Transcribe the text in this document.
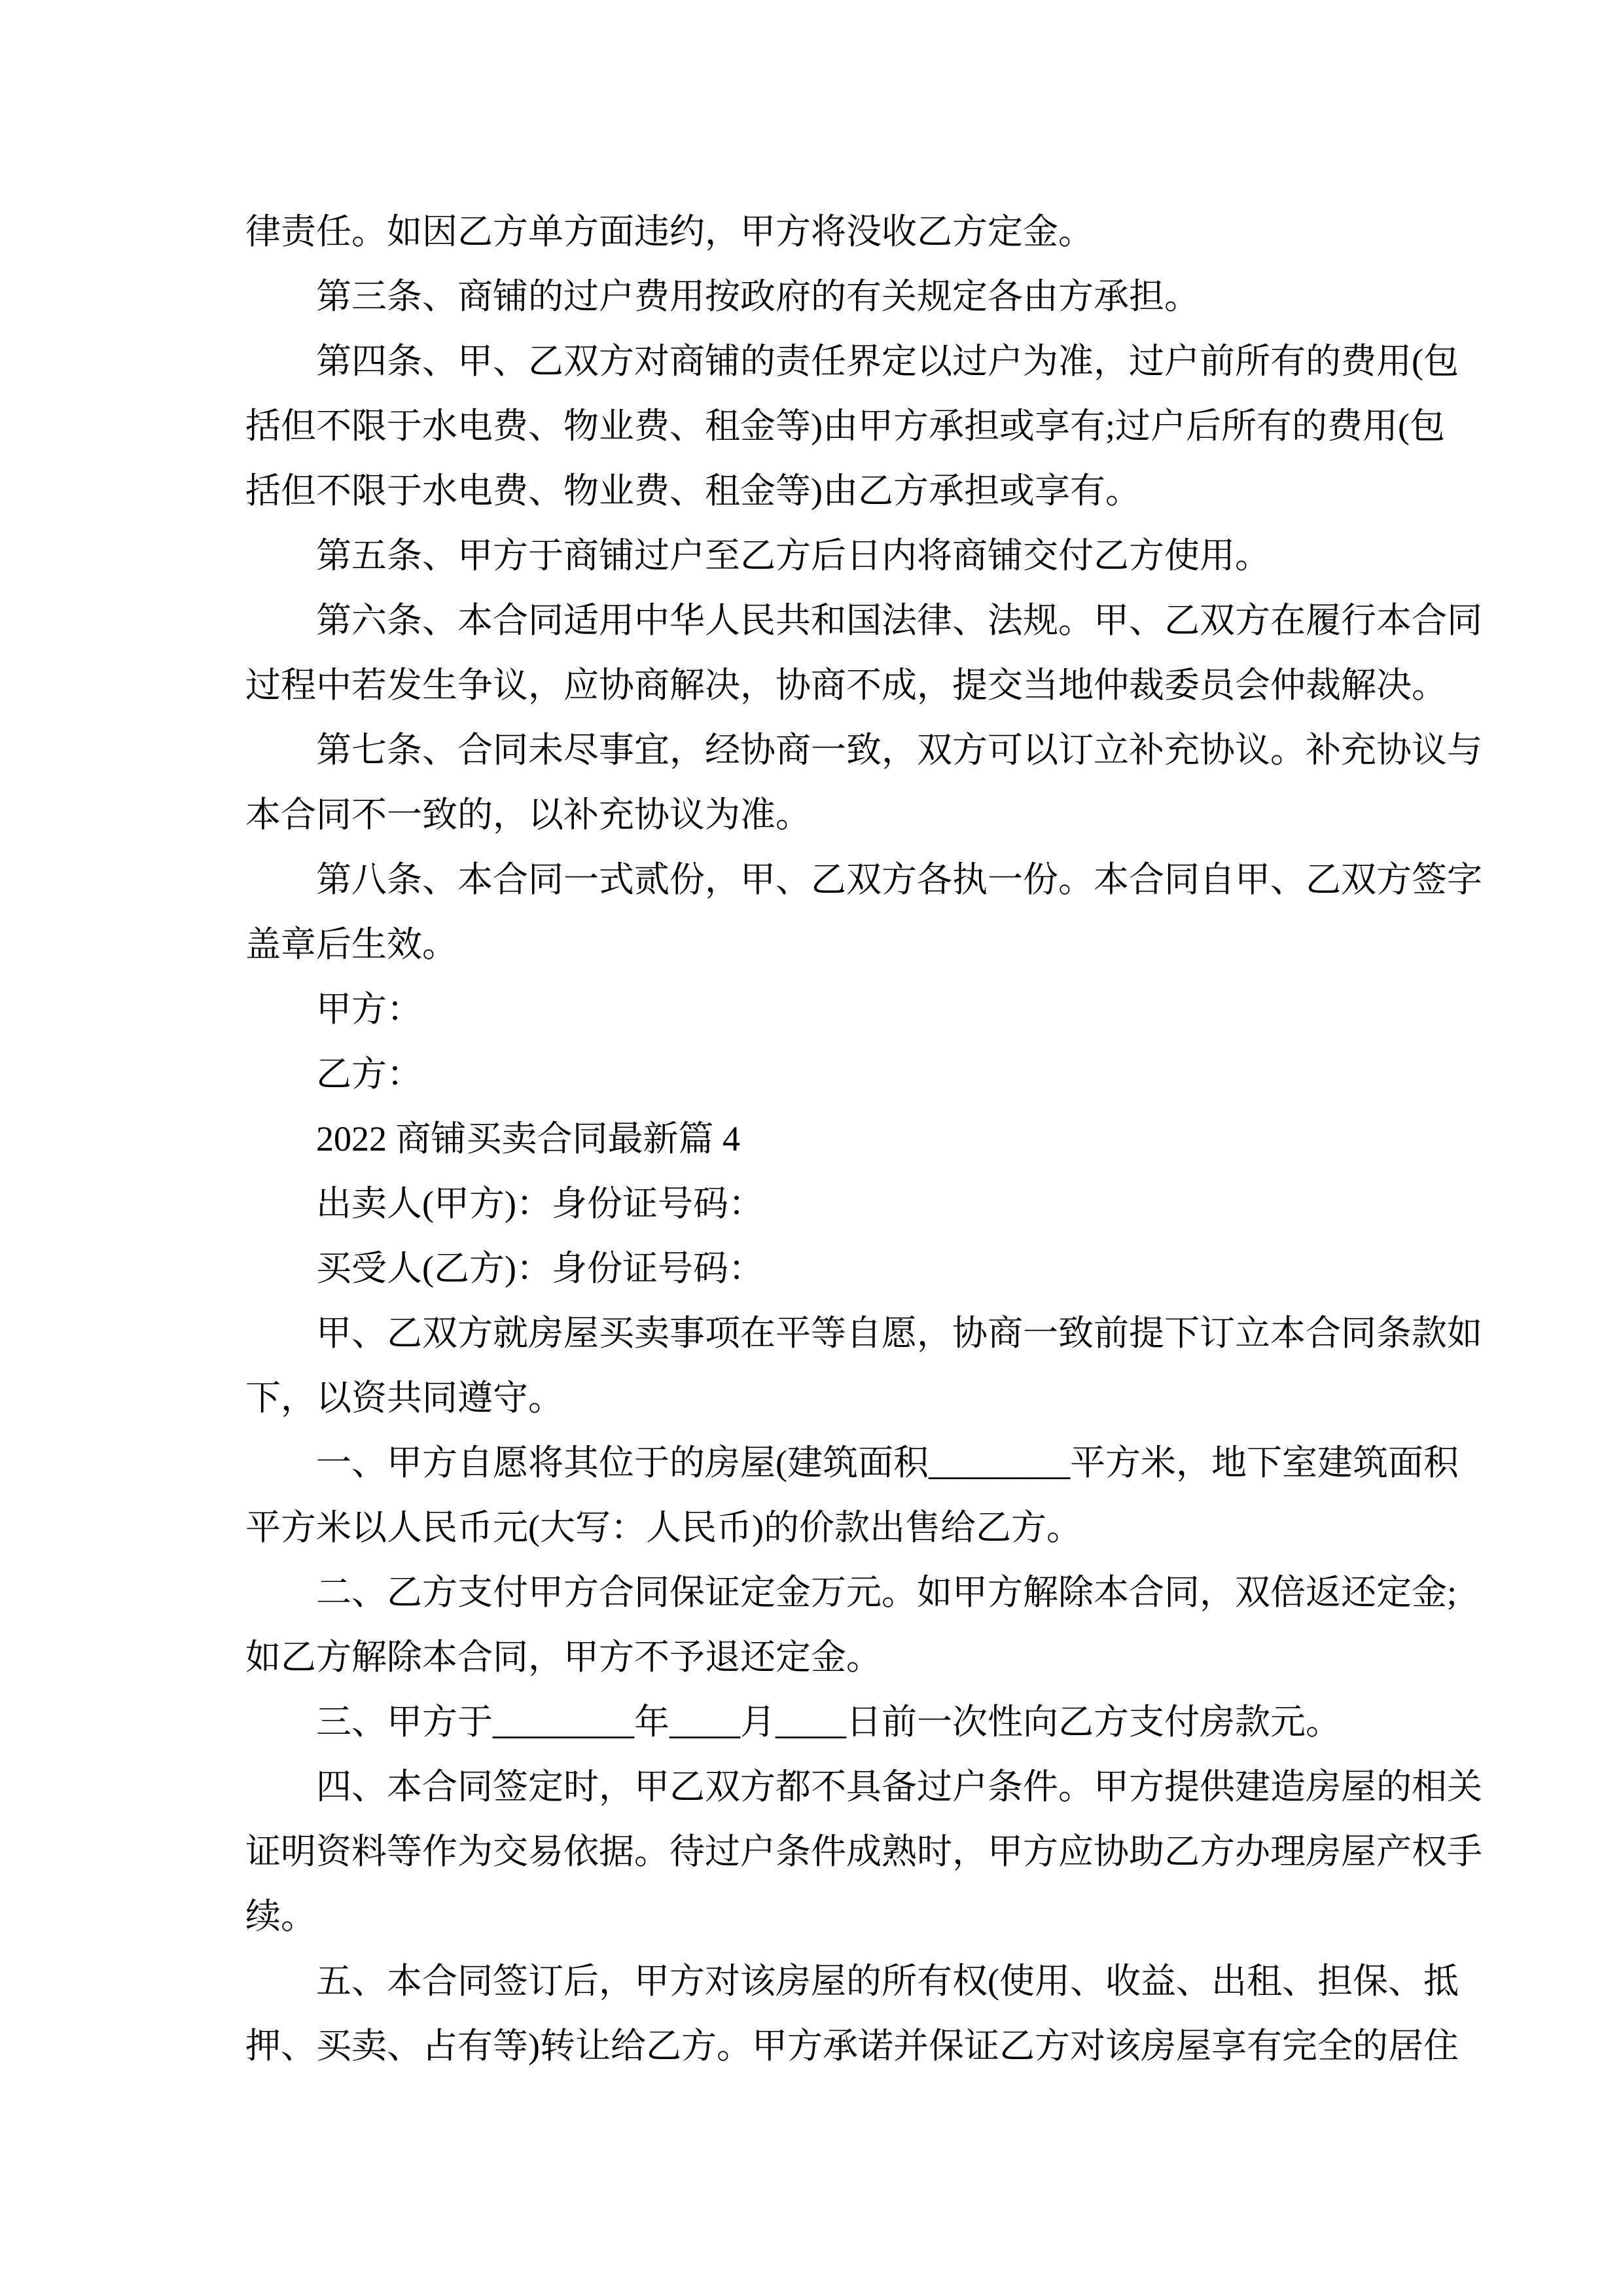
律责任。如因乙方单方面违约，甲方将没收乙方定金。

第三条、商铺的过户费用按政府的有关规定各由方承担。

第四条、甲、乙双方对商铺的责任界定以过户为准，过户前所有的费用(包

括但不限于水电费、物业费、租金等)由甲方承担或享有;过户后所有的费用(包

括但不限于水电费、物业费、租金等)由乙方承担或享有。

第五条、甲方于商铺过户至乙方后日内将商铺交付乙方使用。

第六条、本合同适用中华人民共和国法律、法规。甲、乙双方在履行本合同

过程中若发生争议，应协商解决，协商不成，提交当地仲裁委员会仲裁解决。

第七条、合同未尽事宜，经协商一致，双方可以订立补充协议。补充协议与

本合同不一致的，以补充协议为准。

第八条、本合同一式贰份，甲、乙双方各执一份。本合同自甲、乙双方签字

盖章后生效。

甲方：

乙方：

2022 商铺买卖合同最新篇 4

出卖人(甲方)：身份证号码：

买受人(乙方)：身份证号码：

甲、乙双方就房屋买卖事项在平等自愿，协商一致前提下订立本合同条款如

下，以资共同遵守。

一、甲方自愿将其位于的房屋(建筑面积________平方米，地下室建筑面积

平方米以人民币元(大写：人民币)的价款出售给乙方。

二、乙方支付甲方合同保证定金万元。如甲方解除本合同，双倍返还定金;

如乙方解除本合同，甲方不予退还定金。

三、甲方于________年____月____日前一次性向乙方支付房款元。

四、本合同签定时，甲乙双方都不具备过户条件。甲方提供建造房屋的相关

证明资料等作为交易依据。待过户条件成熟时，甲方应协助乙方办理房屋产权手

续。

五、本合同签订后，甲方对该房屋的所有权(使用、收益、出租、担保、抵

押、买卖、占有等)转让给乙方。甲方承诺并保证乙方对该房屋享有完全的居住
